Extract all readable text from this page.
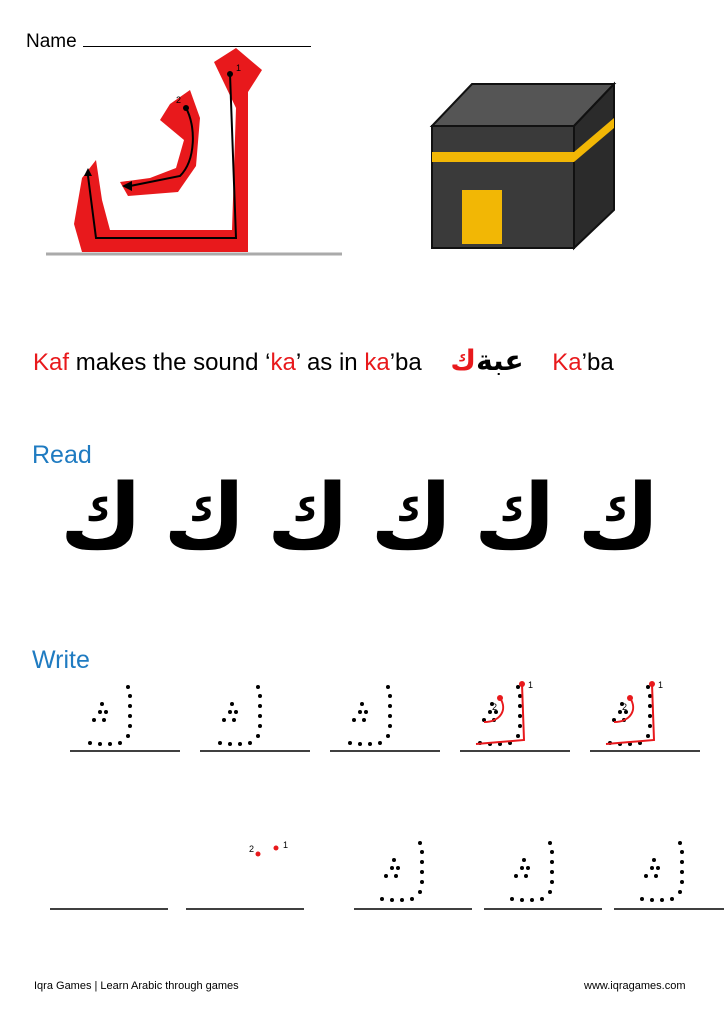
Name
1
2
Kaf makes the sound ‘ka’ as in ka’ba عبةك	Ka’ba
Read
ك ك ك ك ك ك
Write
1
2
1
2
1
2
Iqra Games | Learn Arabic through games	www.iqragames.com
